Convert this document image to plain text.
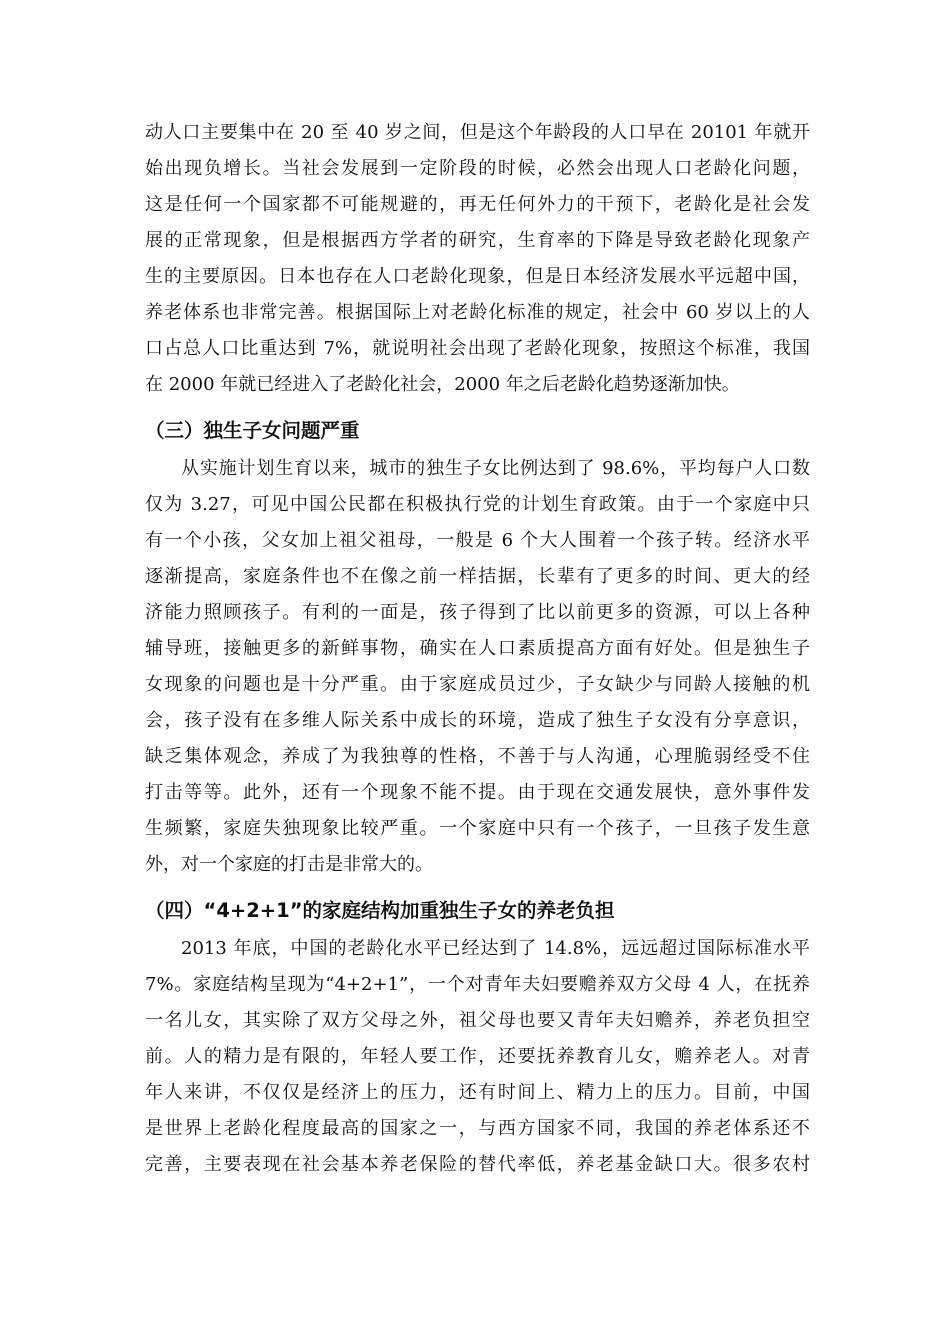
动人口主要集中在 20 至 40 岁之间，但是这个年龄段的人口早在 20101 年就开
始出现负增长。当社会发展到一定阶段的时候，必然会出现人口老龄化问题，
这是任何一个国家都不可能规避的，再无任何外力的干预下，老龄化是社会发
展的正常现象，但是根据西方学者的研究，生育率的下降是导致老龄化现象产
生的主要原因。日本也存在人口老龄化现象，但是日本经济发展水平远超中国，
养老体系也非常完善。根据国际上对老龄化标准的规定，社会中 60 岁以上的人
口占总人口比重达到 7%，就说明社会出现了老龄化现象，按照这个标准，我国
在 2000 年就已经进入了老龄化社会，2000 年之后老龄化趋势逐渐加快。
（三）独生子女问题严重
从实施计划生育以来，城市的独生子女比例达到了 98.6%，平均每户人口数
仅为 3.27，可见中国公民都在积极执行党的计划生育政策。由于一个家庭中只
有一个小孩，父女加上祖父祖母，一般是 6 个大人围着一个孩子转。经济水平
逐渐提高，家庭条件也不在像之前一样拮据，长辈有了更多的时间、更大的经
济能力照顾孩子。有利的一面是，孩子得到了比以前更多的资源，可以上各种
辅导班，接触更多的新鲜事物，确实在人口素质提高方面有好处。但是独生子
女现象的问题也是十分严重。由于家庭成员过少，子女缺少与同龄人接触的机
会，孩子没有在多维人际关系中成长的环境，造成了独生子女没有分享意识，
缺乏集体观念，养成了为我独尊的性格，不善于与人沟通，心理脆弱经受不住
打击等等。此外，还有一个现象不能不提。由于现在交通发展快，意外事件发
生频繁，家庭失独现象比较严重。一个家庭中只有一个孩子，一旦孩子发生意
外，对一个家庭的打击是非常大的。
（四）“4+2+1”的家庭结构加重独生子女的养老负担
2013 年底，中国的老龄化水平已经达到了 14.8%，远远超过国际标准水平
7%。家庭结构呈现为“4+2+1”，一个对青年夫妇要赡养双方父母 4 人，在抚养
一名儿女，其实除了双方父母之外，祖父母也要又青年夫妇赡养，养老负担空
前。人的精力是有限的，年轻人要工作，还要抚养教育儿女，赡养老人。对青
年人来讲，不仅仅是经济上的压力，还有时间上、精力上的压力。目前，中国
是世界上老龄化程度最高的国家之一，与西方国家不同，我国的养老体系还不
完善，主要表现在社会基本养老保险的替代率低，养老基金缺口大。很多农村
